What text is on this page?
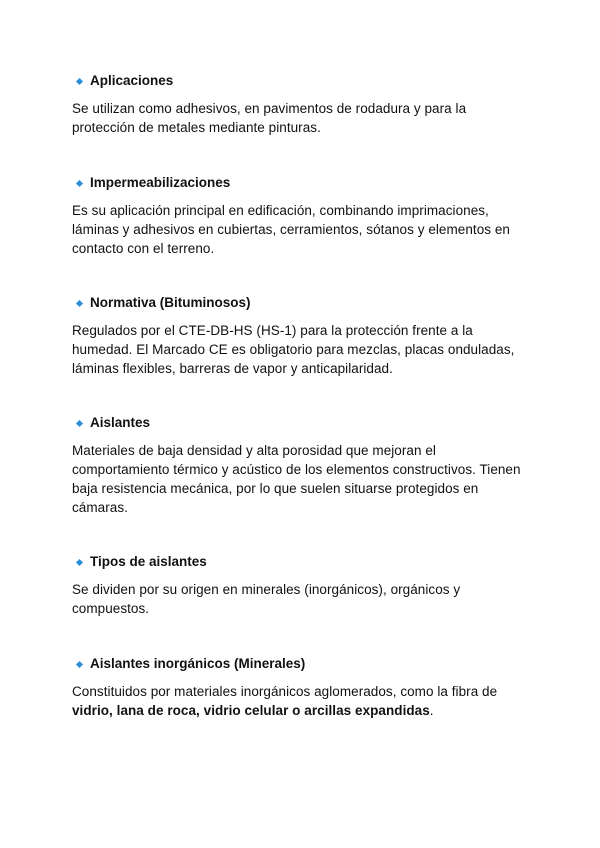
Aplicaciones

Se utilizan como adhesivos, en pavimentos de rodadura y para la protección de metales mediante pinturas.

Impermeabilizaciones

Es su aplicación principal en edificación, combinando imprimaciones, láminas y adhesivos en cubiertas, cerramientos, sótanos y elementos en contacto con el terreno.

Normativa (Bituminosos)

Regulados por el CTE-DB-HS (HS-1) para la protección frente a la humedad. El Marcado CE es obligatorio para mezclas, placas onduladas, láminas flexibles, barreras de vapor y anticapilaridad.

Aislantes

Materiales de baja densidad y alta porosidad que mejoran el comportamiento térmico y acústico de los elementos constructivos. Tienen baja resistencia mecánica, por lo que suelen situarse protegidos en cámaras.

Tipos de aislantes

Se dividen por su origen en minerales (inorgánicos), orgánicos y compuestos.

Aislantes inorgánicos (Minerales)

Constituidos por materiales inorgánicos aglomerados, como la fibra de vidrio, lana de roca, vidrio celular o arcillas expandidas.
